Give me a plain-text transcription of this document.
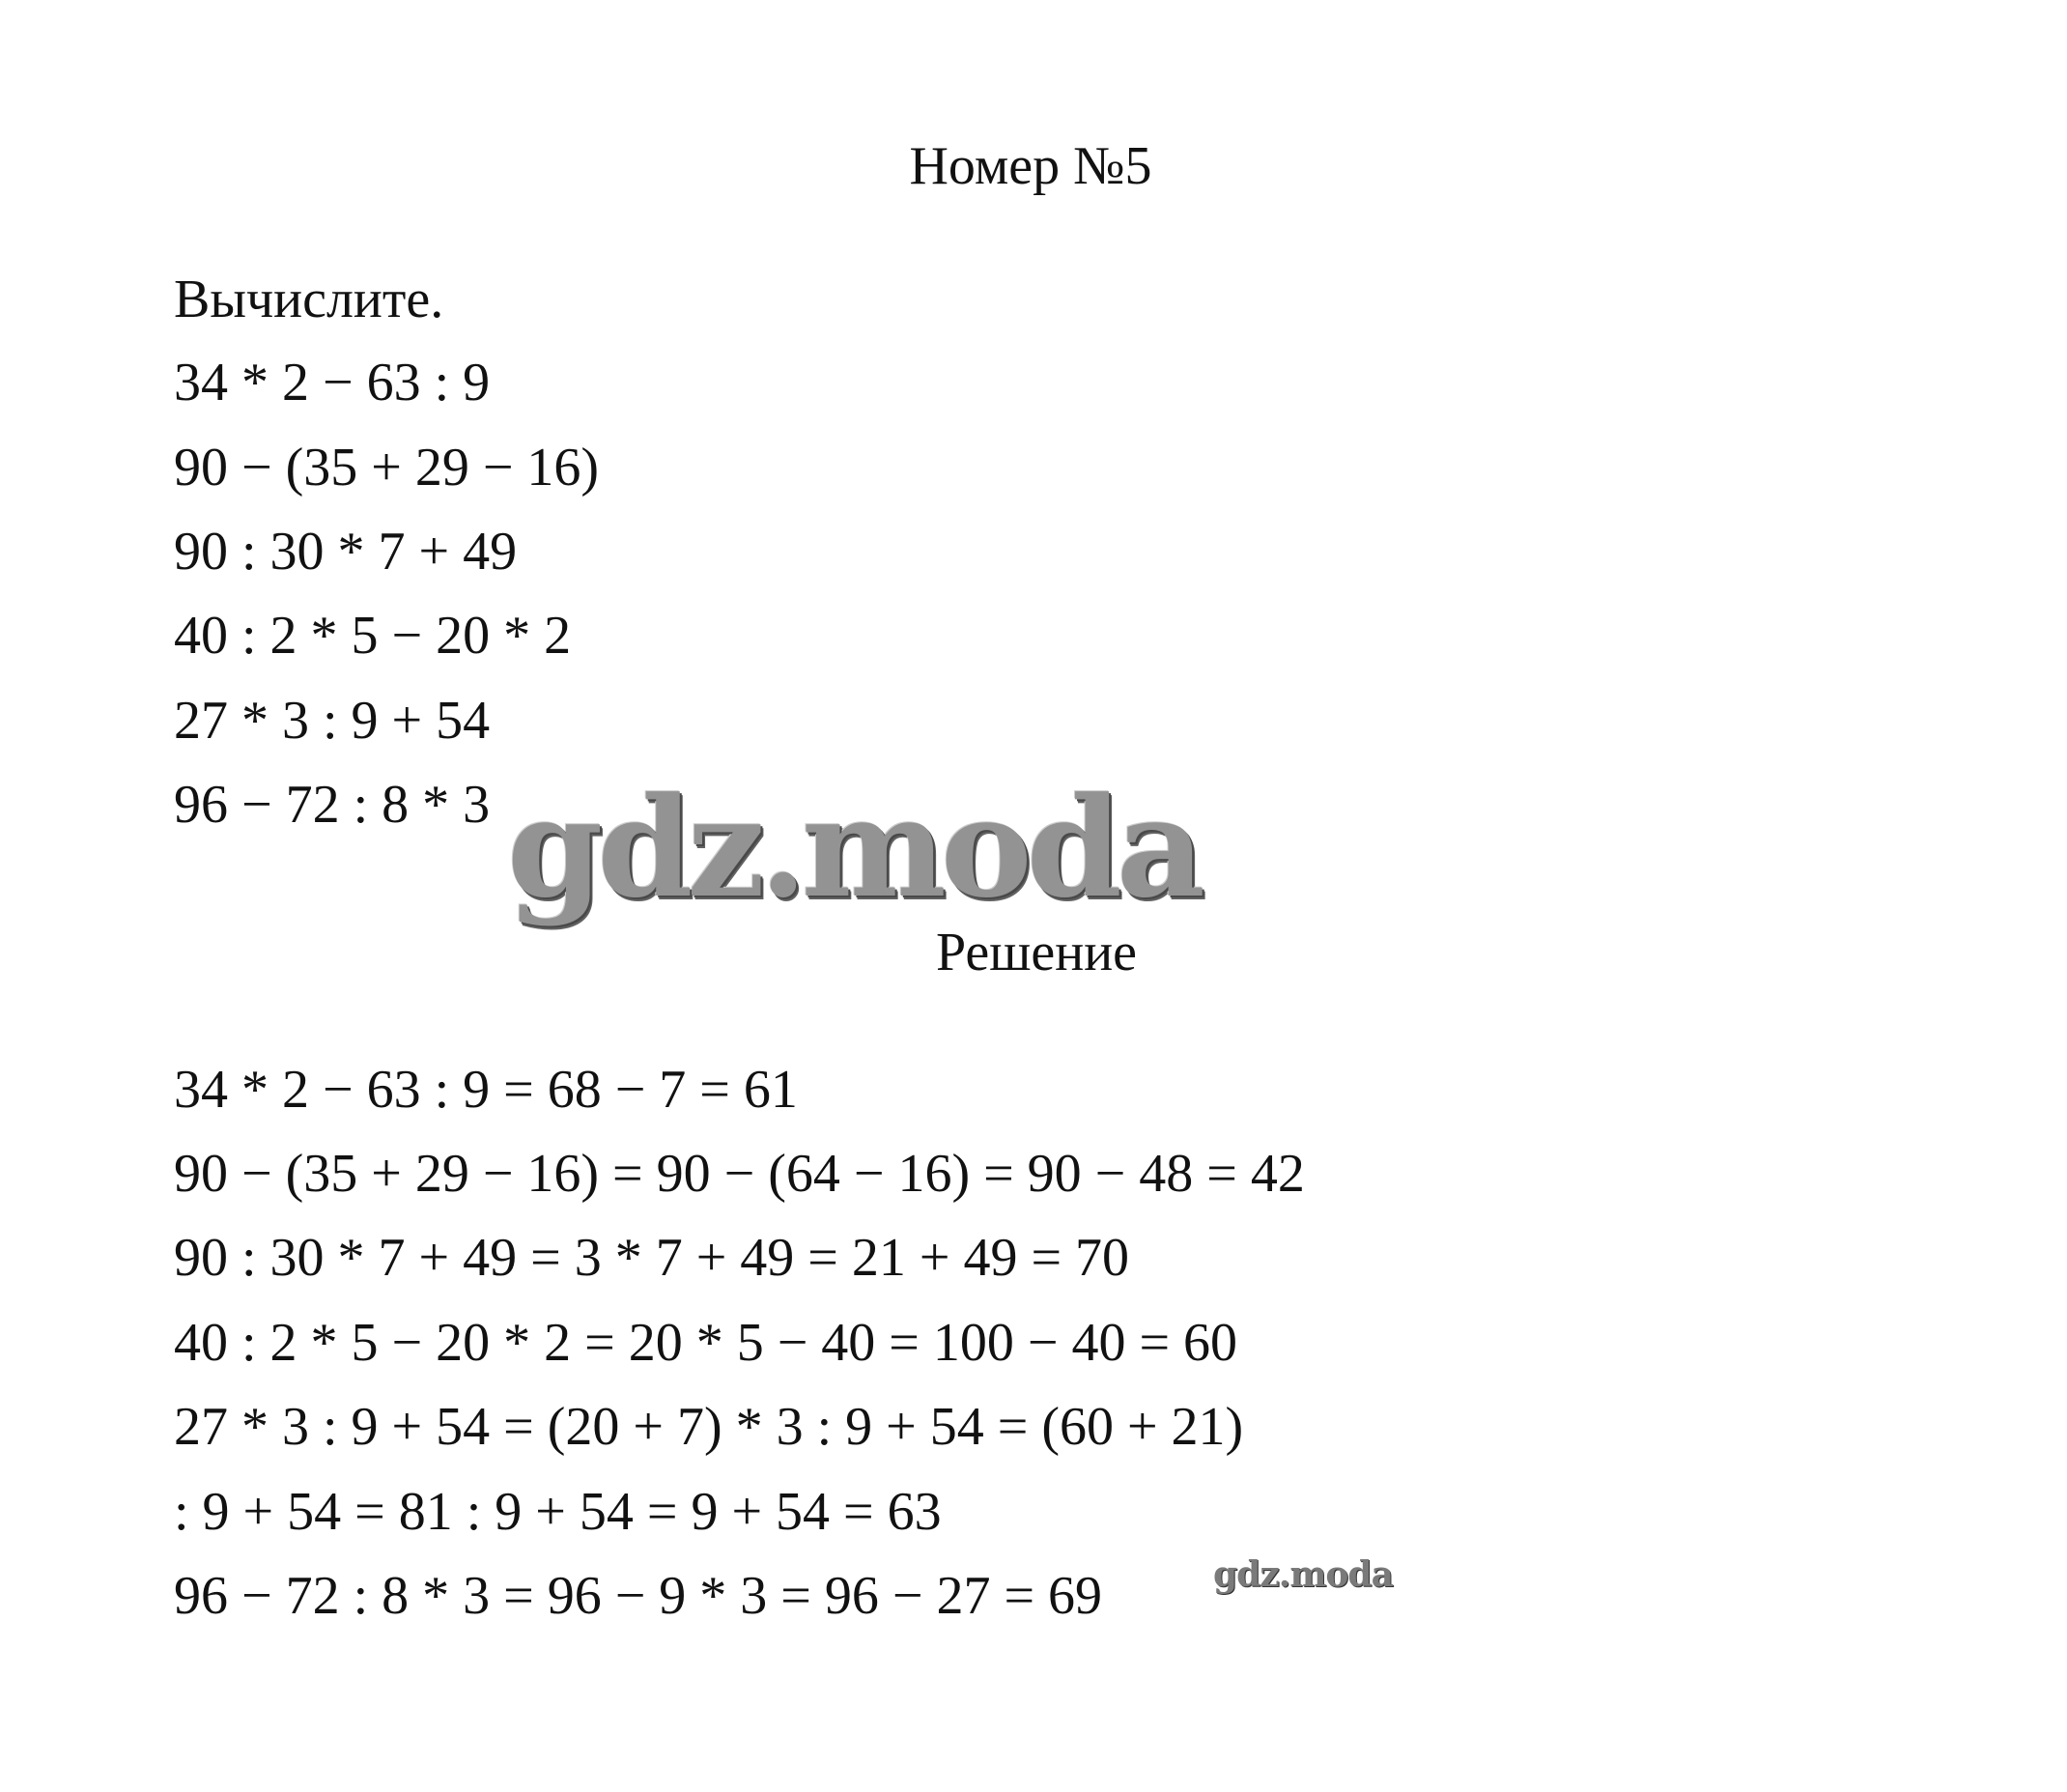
Номер №5
Вычислите.
34 * 2 − 63 : 9
90 − (35 + 29 − 16)
90 : 30 * 7 + 49
40 : 2 * 5 − 20 * 2
27 * 3 : 9 + 54
96 − 72 : 8 * 3 gdz.moda
Решение
34 * 2 − 63 : 9 = 68 − 7 = 61
90 − (35 + 29 − 16) = 90 − (64 − 16) = 90 − 48 = 42
90 : 30 * 7 + 49 = 3 * 7 + 49 = 21 + 49 = 70
40 : 2 * 5 − 20 * 2 = 20 * 5 − 40 = 100 − 40 = 60
27 * 3 : 9 + 54 = (20 + 7) * 3 : 9 + 54 = (60 + 21)
: 9 + 54 = 81 : 9 + 54 = 9 + 54 = 63
96 − 72 : 8 * 3 = 96 − 9 * 3 = 96 − 27 = 69	gdz.moda
